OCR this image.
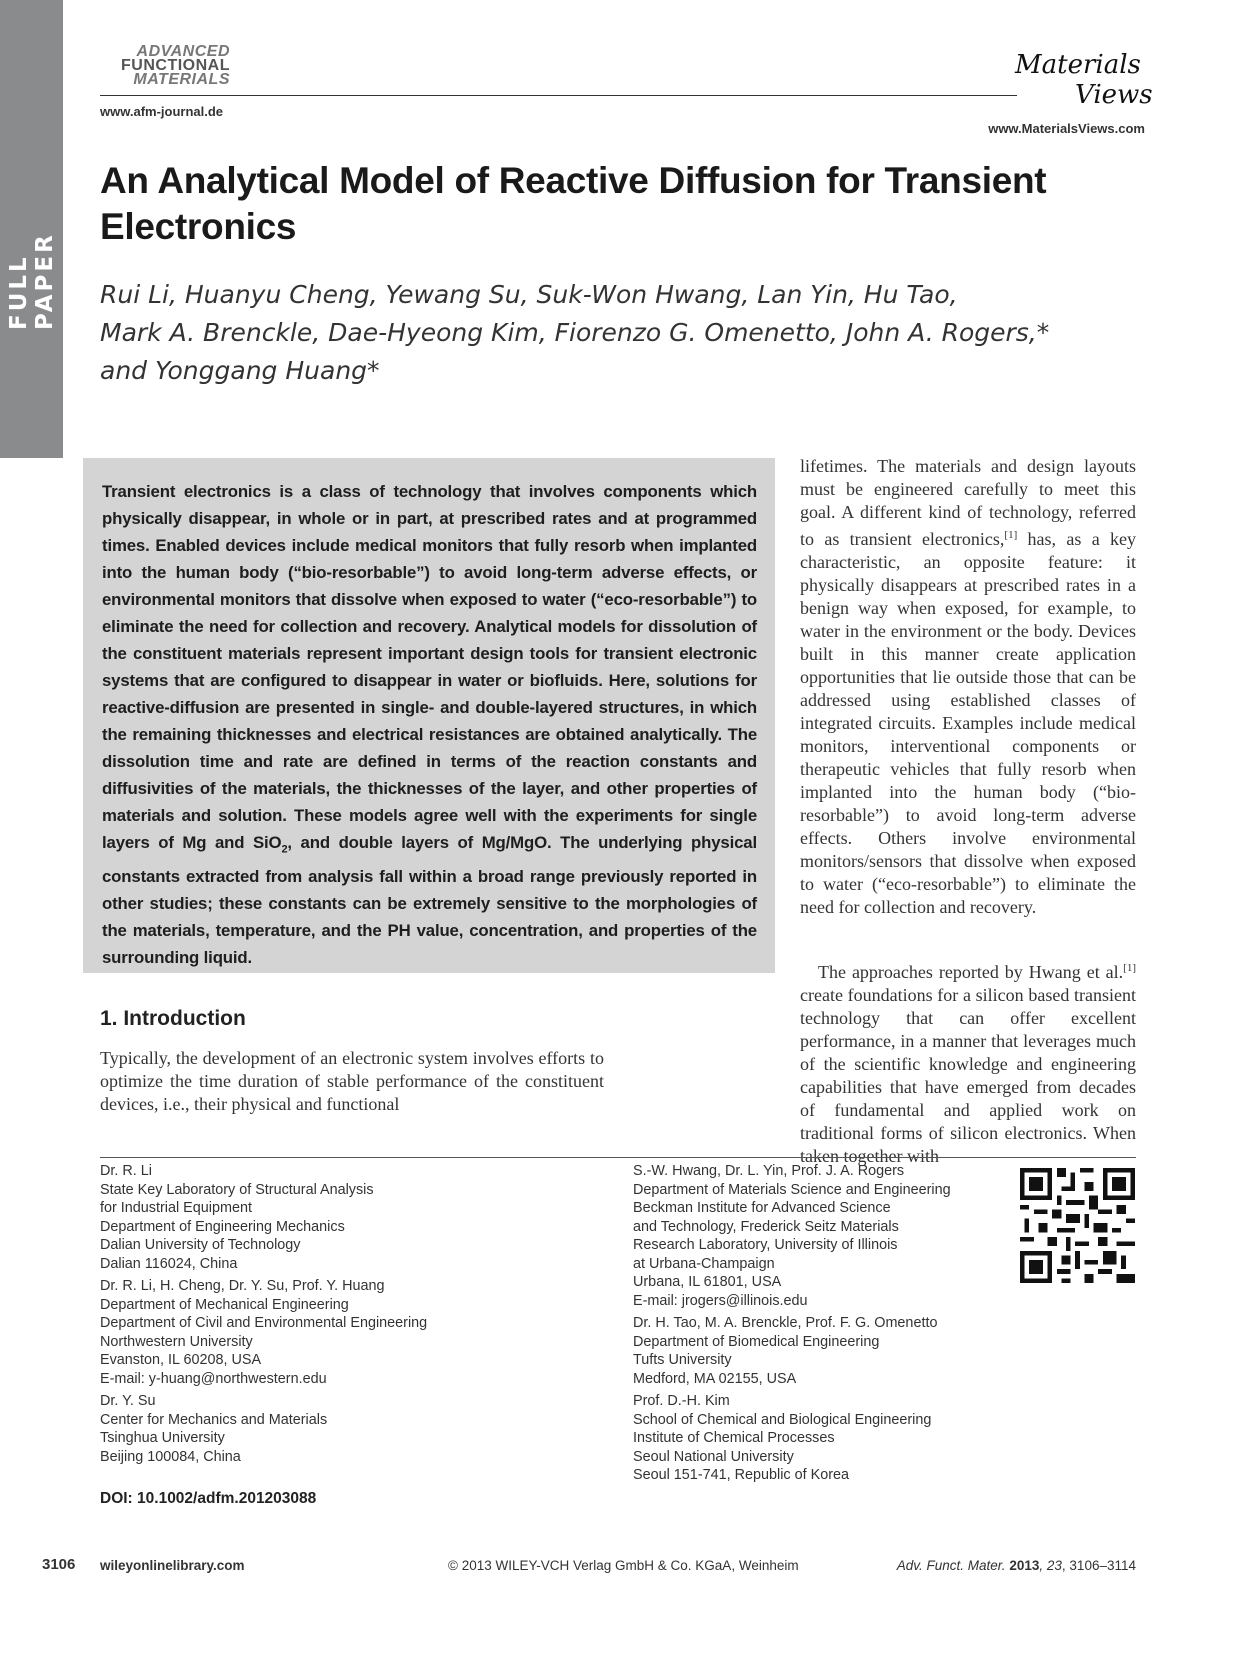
FULL PAPER
ADVANCED
FUNCTIONAL
MATERIALS
www.afm-journal.de
Materials
Views
www.MaterialsViews.com
An Analytical Model of Reactive Diffusion for Transient
Electronics
Rui Li, Huanyu Cheng, Yewang Su, Suk-Won Hwang, Lan Yin, Hu Tao,
Mark A. Brenckle, Dae-Hyeong Kim, Fiorenzo G. Omenetto, John A. Rogers,*
and Yonggang Huang*

Transient electronics is a class of technology that involves components which physically disappear, in whole or in part, at prescribed rates and at programmed times. Enabled devices include medical monitors that fully resorb when implanted into the human body (“bio-resorbable”) to avoid long-term adverse effects, or environmental monitors that dissolve when exposed to water (“eco-resorbable”) to eliminate the need for collection and recovery. Analytical models for dissolution of the constituent materials represent important design tools for transient electronic systems that are configured to disappear in water or biofluids. Here, solutions for reactive-diffusion are presented in single- and double-layered structures, in which the remaining thicknesses and electrical resistances are obtained analytically. The dissolution time and rate are defined in terms of the reaction constants and diffusivities of the materials, the thicknesses of the layer, and other properties of materials and solution. These models agree well with the experiments for single layers of Mg and SiO$_2$, and double layers of Mg/MgO. The underlying physical constants extracted from analysis fall within a broad range previously reported in other studies; these constants can be extremely sensitive to the morphologies of the materials, temperature, and the PH value, concentration, and properties of the surrounding liquid.

lifetimes. The materials and design layouts must be engineered carefully to meet this goal. A different kind of technology, referred to as transient electronics,[1] has, as a key characteristic, an opposite feature: it physically disappears at prescribed rates in a benign way when exposed, for example, to water in the environment or the body. Devices built in this manner create application opportunities that lie outside those that can be addressed using established classes of integrated circuits. Examples include medical monitors, interventional components or therapeutic vehicles that fully resorb when implanted into the human body (“bio-resorbable”) to avoid long-term adverse effects. Others involve environmental monitors/sensors that dissolve when exposed to water (“eco-resorbable”) to eliminate the need for collection and recovery.
The approaches reported by Hwang et al.[1] create foundations for a silicon based transient technology that can offer excellent performance, in a manner that leverages much of the scientific knowledge and engineering capabilities that have emerged from decades of fundamental and applied work on traditional forms of silicon electronics. When taken together with
1. Introduction

Typically, the development of an electronic system involves efforts to optimize the time duration of stable performance of the constituent devices, i.e., their physical and functional

Dr. R. Li
State Key Laboratory of Structural Analysis
for Industrial Equipment
Department of Engineering Mechanics
Dalian University of Technology
Dalian 116024, China
Dr. R. Li, H. Cheng, Dr. Y. Su, Prof. Y. Huang
Department of Mechanical Engineering
Department of Civil and Environmental Engineering
Northwestern University
Evanston, IL 60208, USA
E-mail: y-huang@northwestern.edu
Dr. Y. Su
Center for Mechanics and Materials
Tsinghua University
Beijing 100084, China
S.-W. Hwang, Dr. L. Yin, Prof. J. A. Rogers
Department of Materials Science and Engineering
Beckman Institute for Advanced Science
and Technology, Frederick Seitz Materials
Research Laboratory, University of Illinois
at Urbana-Champaign
Urbana, IL 61801, USA
E-mail: jrogers@illinois.edu
Dr. H. Tao, M. A. Brenckle, Prof. F. G. Omenetto
Department of Biomedical Engineering
Tufts University
Medford, MA 02155, USA
Prof. D.-H. Kim
School of Chemical and Biological Engineering
Institute of Chemical Processes
Seoul National University
Seoul 151-741, Republic of Korea
DOI: 10.1002/adfm.201203088
3106 wileyonlinelibrary.com	© 2013 WILEY-VCH Verlag GmbH & Co. KGaA, Weinheim	Adv. Funct. Mater. 2013, 23, 3106–3114
